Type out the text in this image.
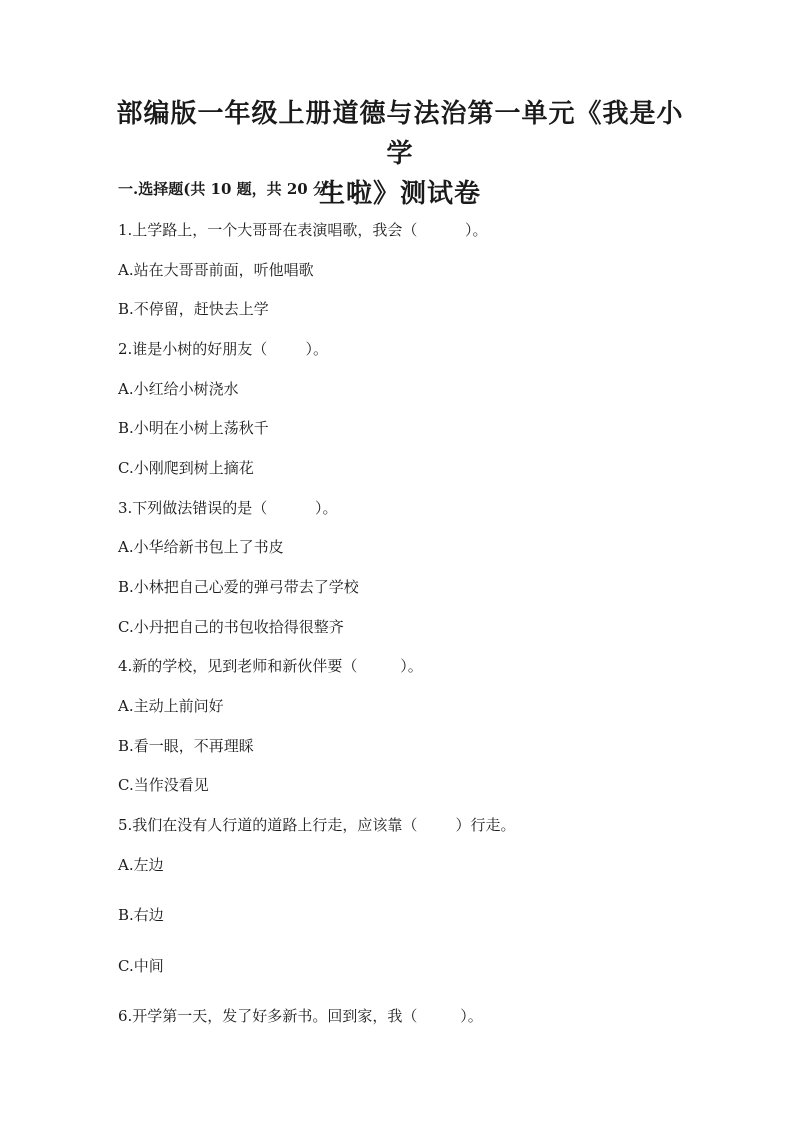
部编版一年级上册道德与法治第一单元《我是小学
生啦》测试卷
一.选择题(共 10 题，共 20 分)
1.上学路上，一个大哥哥在表演唱歌，我会（          ）。
A.站在大哥哥前面，听他唱歌
B.不停留，赶快去上学
2.谁是小树的好朋友（        ）。
A.小红给小树浇水
B.小明在小树上荡秋千
C.小刚爬到树上摘花
3.下列做法错误的是（          ）。
A.小华给新书包上了书皮
B.小林把自己心爱的弹弓带去了学校
C.小丹把自己的书包收拾得很整齐
4.新的学校，见到老师和新伙伴要（         ）。
A.主动上前问好
B.看一眼，不再理睬
C.当作没看见
5.我们在没有人行道的道路上行走，应该靠（        ）行走。
A.左边
B.右边
C.中间
6.开学第一天，发了好多新书。回到家，我（         ）。
